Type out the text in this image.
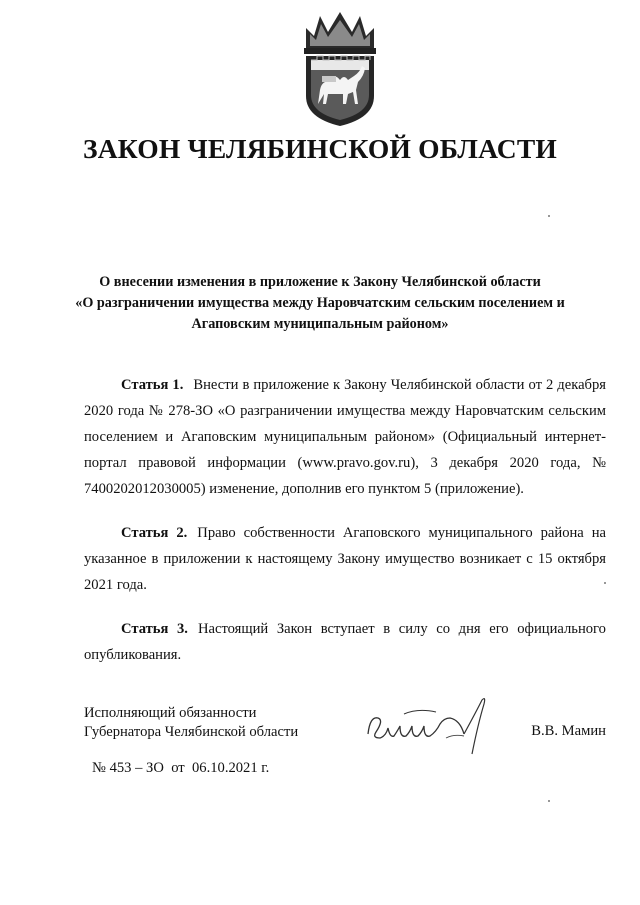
ЗАКОН ЧЕЛЯБИНСКОЙ ОБЛАСТИ
О внесении изменения в приложение к Закону Челябинской области
«О разграничении имущества между Наровчатским сельским поселением и
Агаповским муниципальным районом»

Статья 1. Внести в приложение к Закону Челябинской области от 2 декабря 2020 года № 278-ЗО «О разграничении имущества между Наровчатским сельским поселением и Агаповским муниципальным районом» (Официальный интернет-портал правовой информации (www.pravo.gov.ru), 3 декабря 2020 года, № 7400202012030005) изменение, дополнив его пунктом 5 (приложение).

Статья 2. Право собственности Агаповского муниципального района на указанное в приложении к настоящему Закону имущество возникает с 15 октября 2021 года.

Статья 3. Настоящий Закон вступает в силу со дня его официального опубликования.

Исполняющий обязанности
Губернатора Челябинской области	В.В. Мамин
№ 453 – ЗО  от  06.10.2021 г.
